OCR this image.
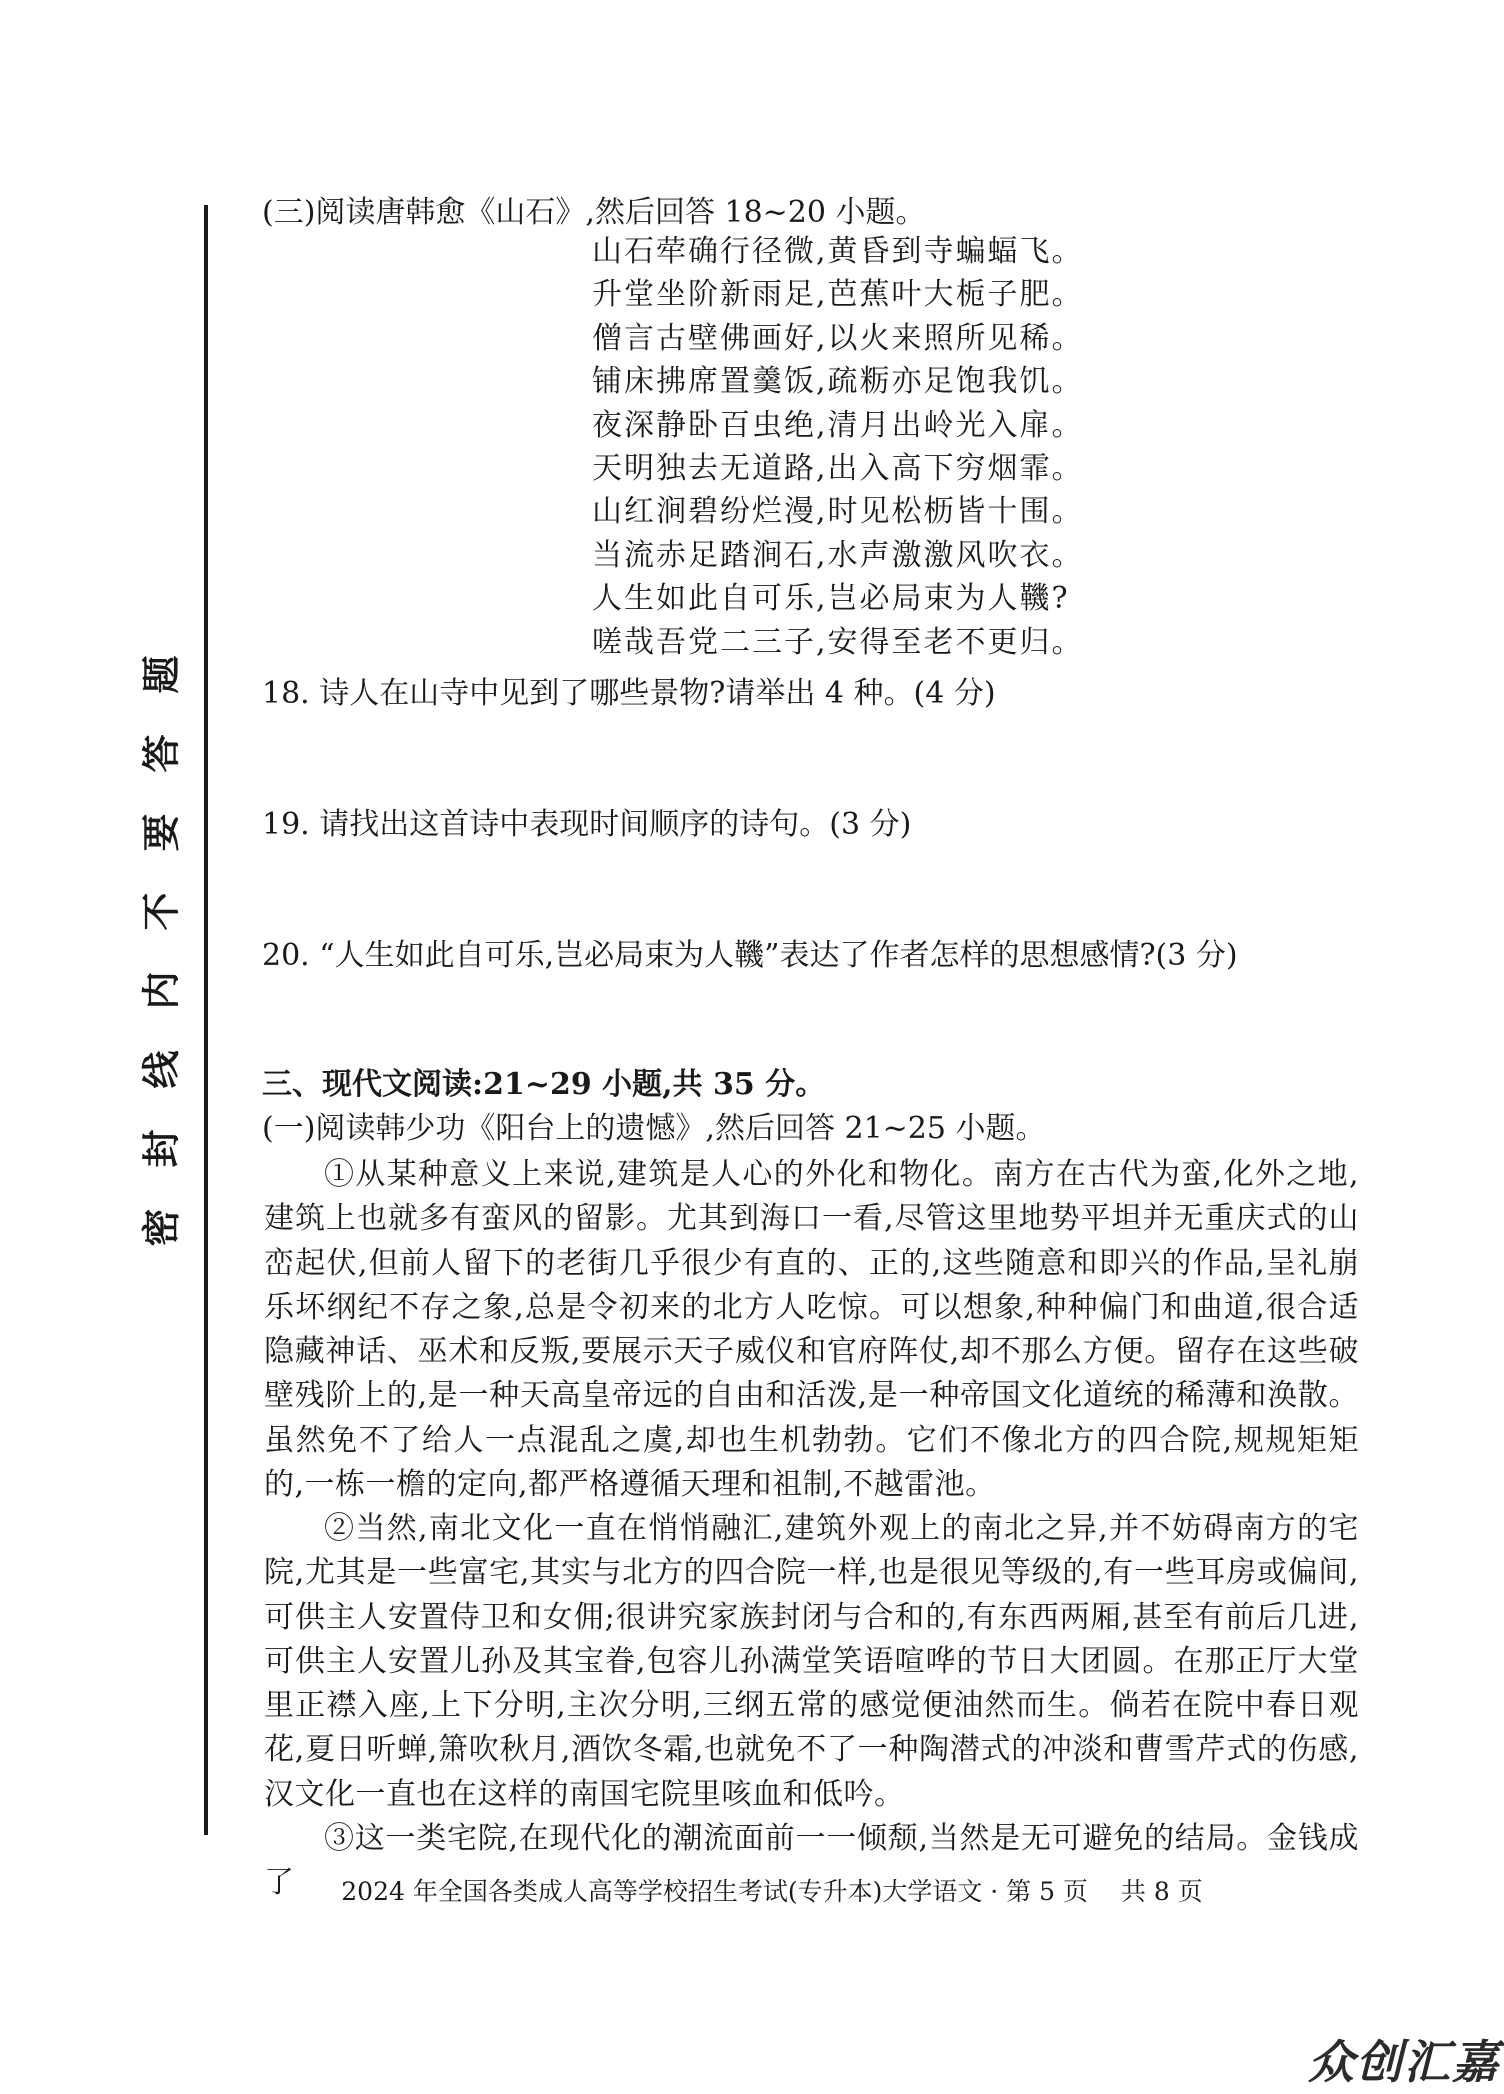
题
答
要
不
内
线
封
密
(三)阅读唐韩愈《山石》,然后回答 18~20 小题。
山石荦确行径微,黄昏到寺蝙蝠飞。
升堂坐阶新雨足,芭蕉叶大栀子肥。
僧言古壁佛画好,以火来照所见稀。
铺床拂席置羹饭,疏粝亦足饱我饥。
夜深静卧百虫绝,清月出岭光入扉。
天明独去无道路,出入高下穷烟霏。
山红涧碧纷烂漫,时见松枥皆十围。
当流赤足踏涧石,水声激激风吹衣。
人生如此自可乐,岂必局束为人鞿?
嗟哉吾党二三子,安得至老不更归。
18. 诗人在山寺中见到了哪些景物?请举出 4 种。(4 分)
19. 请找出这首诗中表现时间顺序的诗句。(3 分)
20. “人生如此自可乐,岂必局束为人鞿”表达了作者怎样的思想感情?(3 分)
三、现代文阅读:21~29 小题,共 35 分。
(一)阅读韩少功《阳台上的遗憾》,然后回答 21~25 小题。
①从某种意义上来说,建筑是人心的外化和物化。南方在古代为蛮,化外之地,建筑上也就多有蛮风的留影。尤其到海口一看,尽管这里地势平坦并无重庆式的山峦起伏,但前人留下的老街几乎很少有直的、正的,这些随意和即兴的作品,呈礼崩乐坏纲纪不存之象,总是令初来的北方人吃惊。可以想象,种种偏门和曲道,很合适隐藏神话、巫术和反叛,要展示天子威仪和官府阵仗,却不那么方便。留存在这些破壁残阶上的,是一种天高皇帝远的自由和活泼,是一种帝国文化道统的稀薄和涣散。虽然免不了给人一点混乱之虞,却也生机勃勃。它们不像北方的四合院,规规矩矩的,一栋一檐的定向,都严格遵循天理和祖制,不越雷池。
②当然,南北文化一直在悄悄融汇,建筑外观上的南北之异,并不妨碍南方的宅院,尤其是一些富宅,其实与北方的四合院一样,也是很见等级的,有一些耳房或偏间,可供主人安置侍卫和女佣;很讲究家族封闭与合和的,有东西两厢,甚至有前后几进,可供主人安置儿孙及其宝眷,包容儿孙满堂笑语喧哗的节日大团圆。在那正厅大堂里正襟入座,上下分明,主次分明,三纲五常的感觉便油然而生。倘若在院中春日观花,夏日听蝉,箫吹秋月,酒饮冬霜,也就免不了一种陶潜式的冲淡和曹雪芹式的伤感,汉文化一直也在这样的南国宅院里咳血和低吟。
③这一类宅院,在现代化的潮流面前一一倾颓,当然是无可避免的结局。金钱成了	2024 年全国各类成人高等学校招生考试(专升本)大学语文 · 第 5 页　 共 8 页
众创汇嘉
